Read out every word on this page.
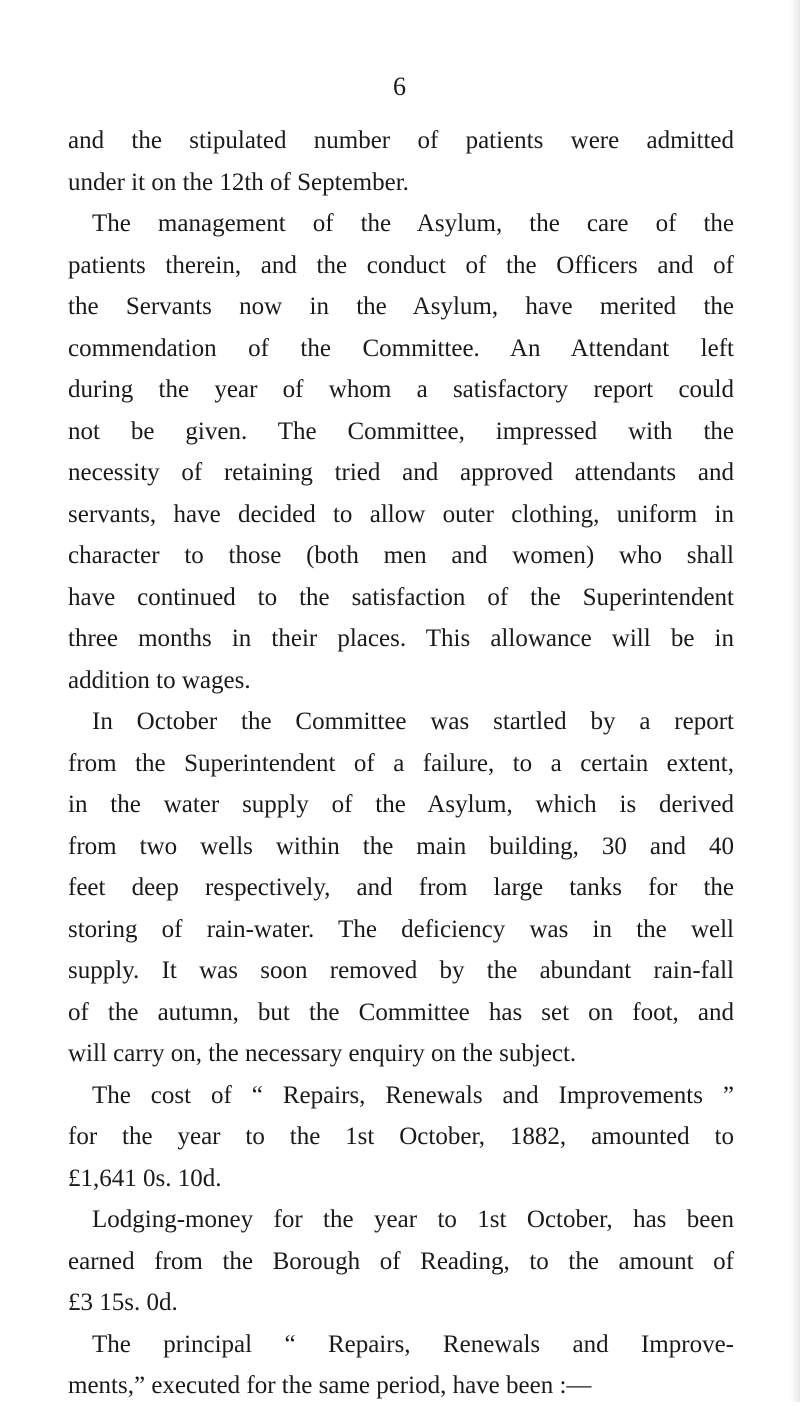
6
and the stipulated number of patients were admitted
under it on the 12th of September.
The management of the Asylum, the care of the
patients therein, and the conduct of the Officers and of
the Servants now in the Asylum, have merited the
commendation of the Committee. An Attendant left
during the year of whom a satisfactory report could
not be given. The Committee, impressed with the
necessity of retaining tried and approved attendants and
servants, have decided to allow outer clothing, uniform in
character to those (both men and women) who shall
have continued to the satisfaction of the Superintendent
three months in their places. This allowance will be in
addition to wages.
In October the Committee was startled by a report
from the Superintendent of a failure, to a certain extent,
in the water supply of the Asylum, which is derived
from two wells within the main building, 30 and 40
feet deep respectively, and from large tanks for the
storing of rain-water. The deficiency was in the well
supply. It was soon removed by the abundant rain-fall
of the autumn, but the Committee has set on foot, and
will carry on, the necessary enquiry on the subject.
The cost of “ Repairs, Renewals and Improvements ”
for the year to the 1st October, 1882, amounted to
£1,641 0s. 10d.
Lodging-money for the year to 1st October, has been
earned from the Borough of Reading, to the amount of
£3 15s. 0d.
The principal “ Repairs, Renewals and Improve-
ments,” executed for the same period, have been :—
